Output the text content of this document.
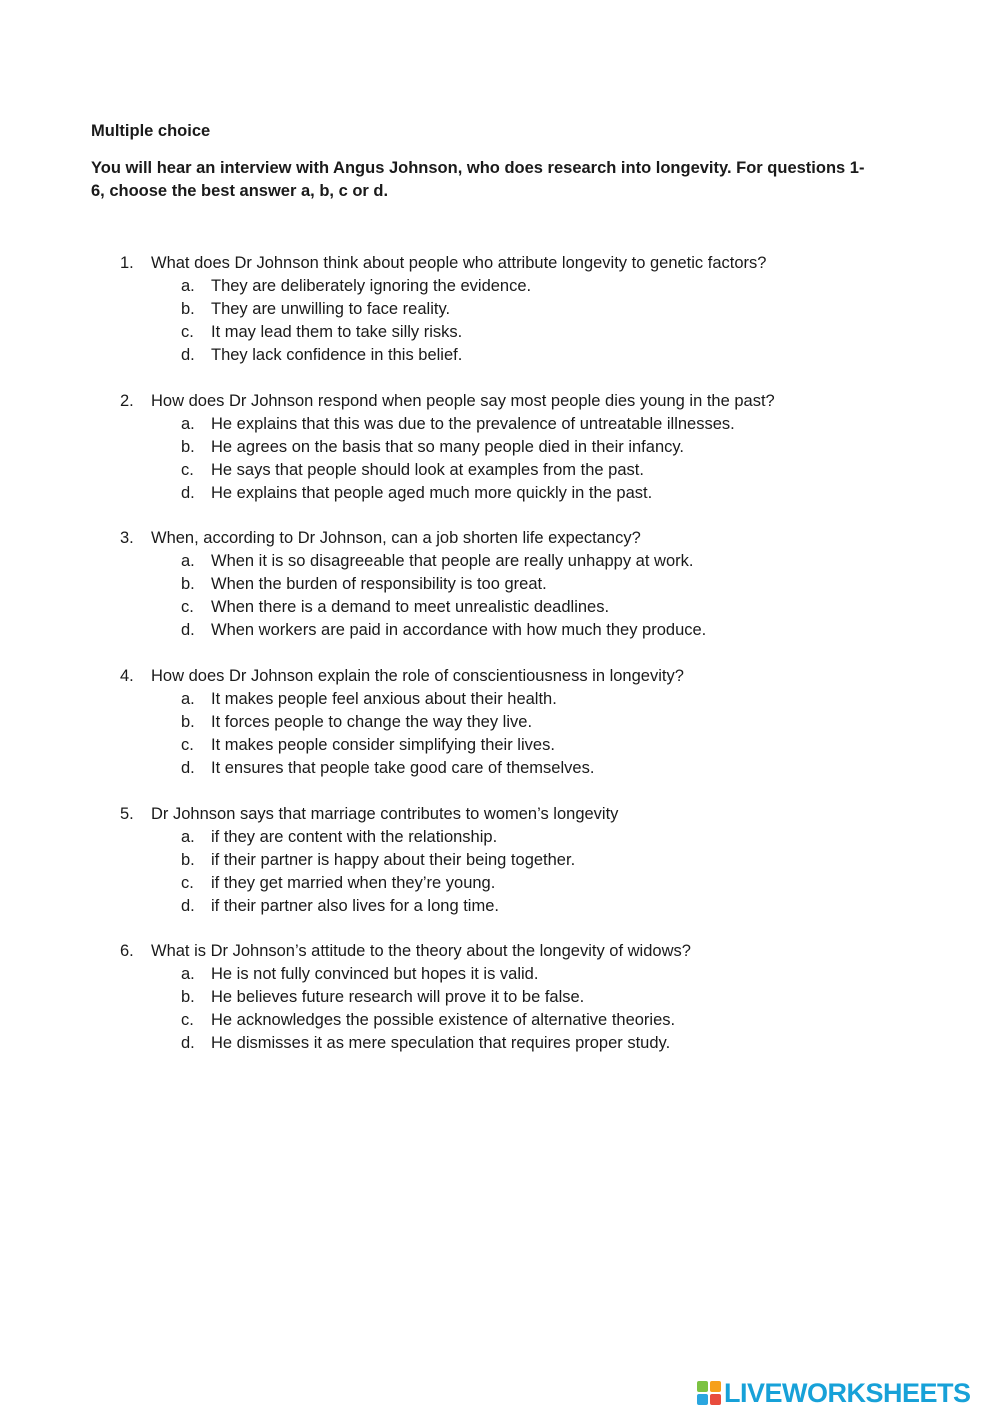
Multiple choice

You will hear an interview with Angus Johnson, who does research into longevity. For questions 1-6, choose the best answer a, b, c or d.

1.	What does Dr Johnson think about people who attribute longevity to genetic factors?
a. They are deliberately ignoring the evidence.
b. They are unwilling to face reality.
c.	It may lead them to take silly risks.
d. They lack confidence in this belief.
2.	How does Dr Johnson respond when people say most people dies young in the past?
a. He explains that this was due to the prevalence of untreatable illnesses.
b. He agrees on the basis that so many people died in their infancy.
c.	He says that people should look at examples from the past.
d. He explains that people aged much more quickly in the past.
3.	When, according to Dr Johnson, can a job shorten life expectancy?
a. When it is so disagreeable that people are really unhappy at work.
b. When the burden of responsibility is too great.
c.	When there is a demand to meet unrealistic deadlines.
d. When workers are paid in accordance with how much they produce.
4.	How does Dr Johnson explain the role of conscientiousness in longevity?
a. It makes people feel anxious about their health.
b. It forces people to change the way they live.
c.	It makes people consider simplifying their lives.
d. It ensures that people take good care of themselves.
5.	Dr Johnson says that marriage contributes to women’s longevity
a. if they are content with the relationship.
b. if their partner is happy about their being together.
c.	if they get married when they’re young.
d. if their partner also lives for a long time.
6.	What is Dr Johnson’s attitude to the theory about the longevity of widows?
a. He is not fully convinced but hopes it is valid.
b. He believes future research will prove it to be false.
c.	He acknowledges the possible existence of alternative theories.
d. He dismisses it as mere speculation that requires proper study.
LIVEWORKSHEETS
